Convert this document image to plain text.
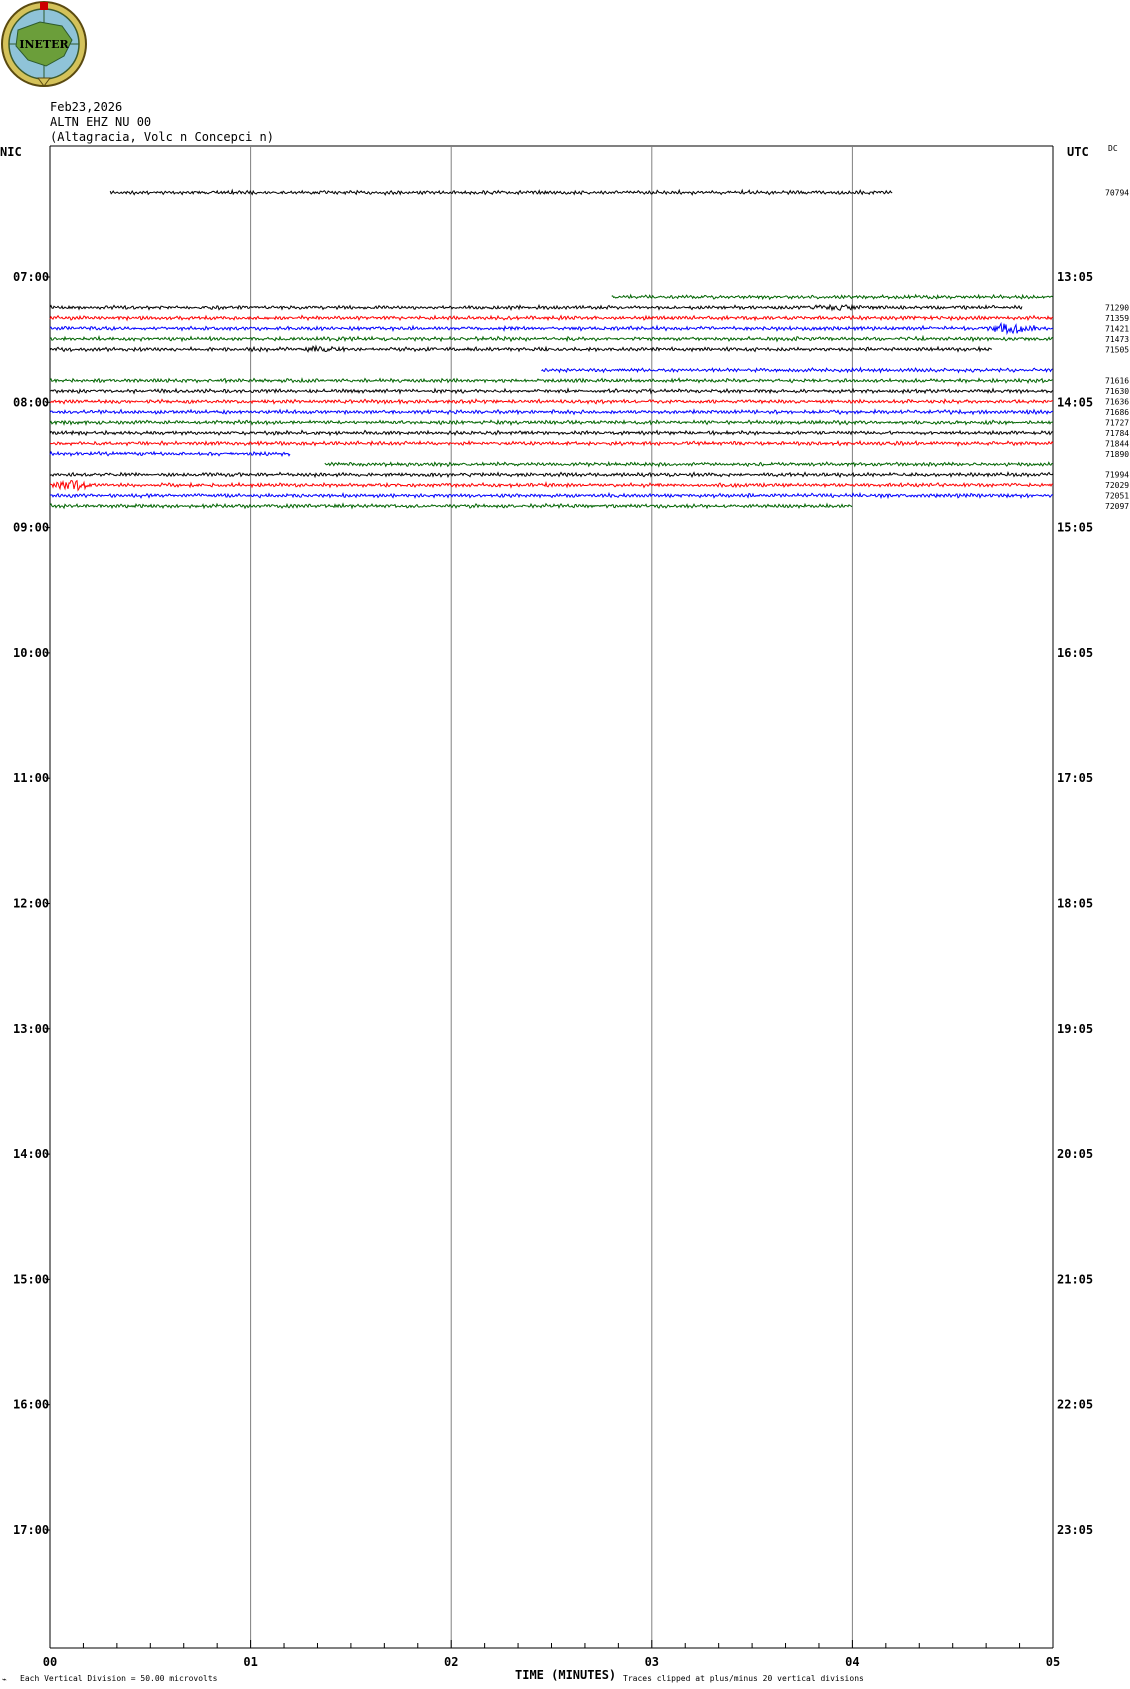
INETER
Feb23,2026
ALTN EHZ NU 00
(Altagracia, Volc n Concepci n)
NIC	UTC DC
70794
71290
71359
71421
71473
71505
71616
71630
71636
71686
71727
71784
71844
71890
71994
72029
72051
72097
00	01	02	03	04	05
07:00
08:00
09:00
10:00
11:00
12:00
13:00
14:00
15:00
16:00
17:00
13:05
14:05
15:05
16:05
17:05
18:05
19:05
20:05
21:05
22:05
23:05
TIME (MINUTES)
⌁ Each Vertical Division = 50.00 microvolts	Traces clipped at plus/minus 20 vertical divisions
